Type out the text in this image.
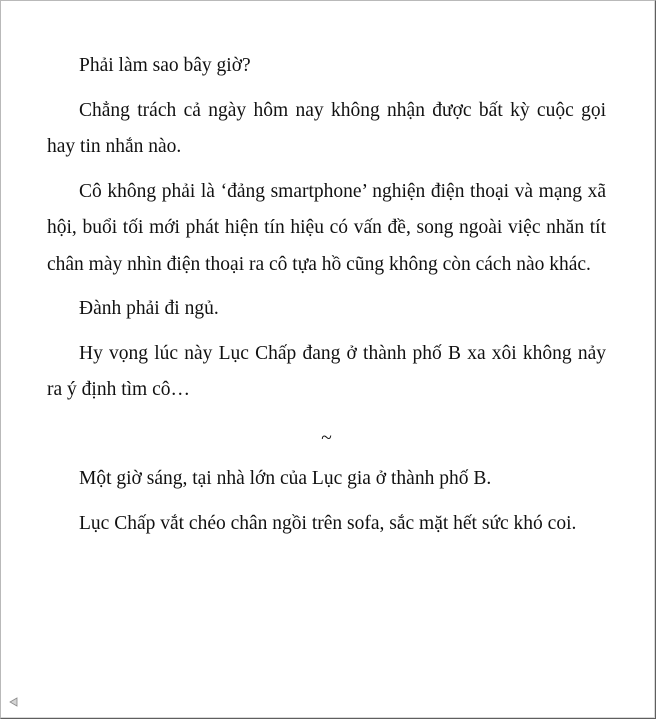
Phải làm sao bây giờ?

Chẳng trách cả ngày hôm nay không nhận được bất kỳ cuộc gọi hay tin nhắn nào.

Cô không phải là ‘đảng smartphone’ nghiện điện thoại và mạng xã hội, buổi tối mới phát hiện tín hiệu có vấn đề, song ngoài việc nhăn tít chân mày nhìn điện thoại ra cô tựa hồ cũng không còn cách nào khác.

Đành phải đi ngủ.

Hy vọng lúc này Lục Chấp đang ở thành phố B xa xôi không nảy ra ý định tìm cô…

~

Một giờ sáng, tại nhà lớn của Lục gia ở thành phố B.

Lục Chấp vắt chéo chân ngồi trên sofa, sắc mặt hết sức khó coi.
